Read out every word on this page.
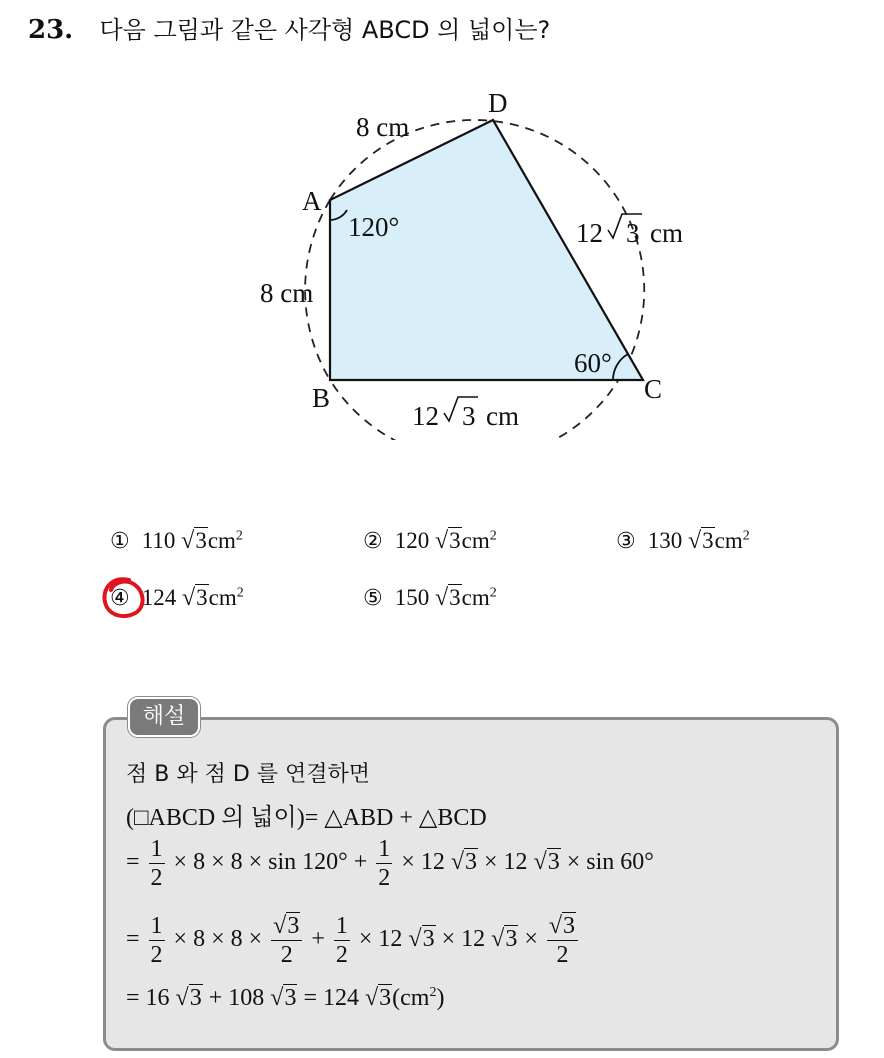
23. 다음 그림과 같은 사각형 ABCD 의 넓이는?
D
A
B	C
8 cm
8 cm
120°
60°
12 3 cm
12 3 cm
① 110 $√3cm^2$	② 120 $√3cm^2$	③ 130 $√3cm^2$
④ 124 $√3cm^2$	⑤ 150 $√3cm^2$
해설
점 B 와 점 D 를 연결하면
(□ABCD 의 넓이)= △ABD + △BCD
= $\frac{1}{2} \times 8 \times 8 \times \sin 120^\circ + \frac{1}{2} \times 12$ √3 × 12 √3 × sin 60°
= $\frac{1}{2} \times 8 \times 8 \times \frac{√3}{2} + \frac{1}{2} \times 12$ √3 × 12 $√3 \times \frac{√3}{2}$
= 16 √3 + 108 √3 = 124 $√3(cm^2)$
